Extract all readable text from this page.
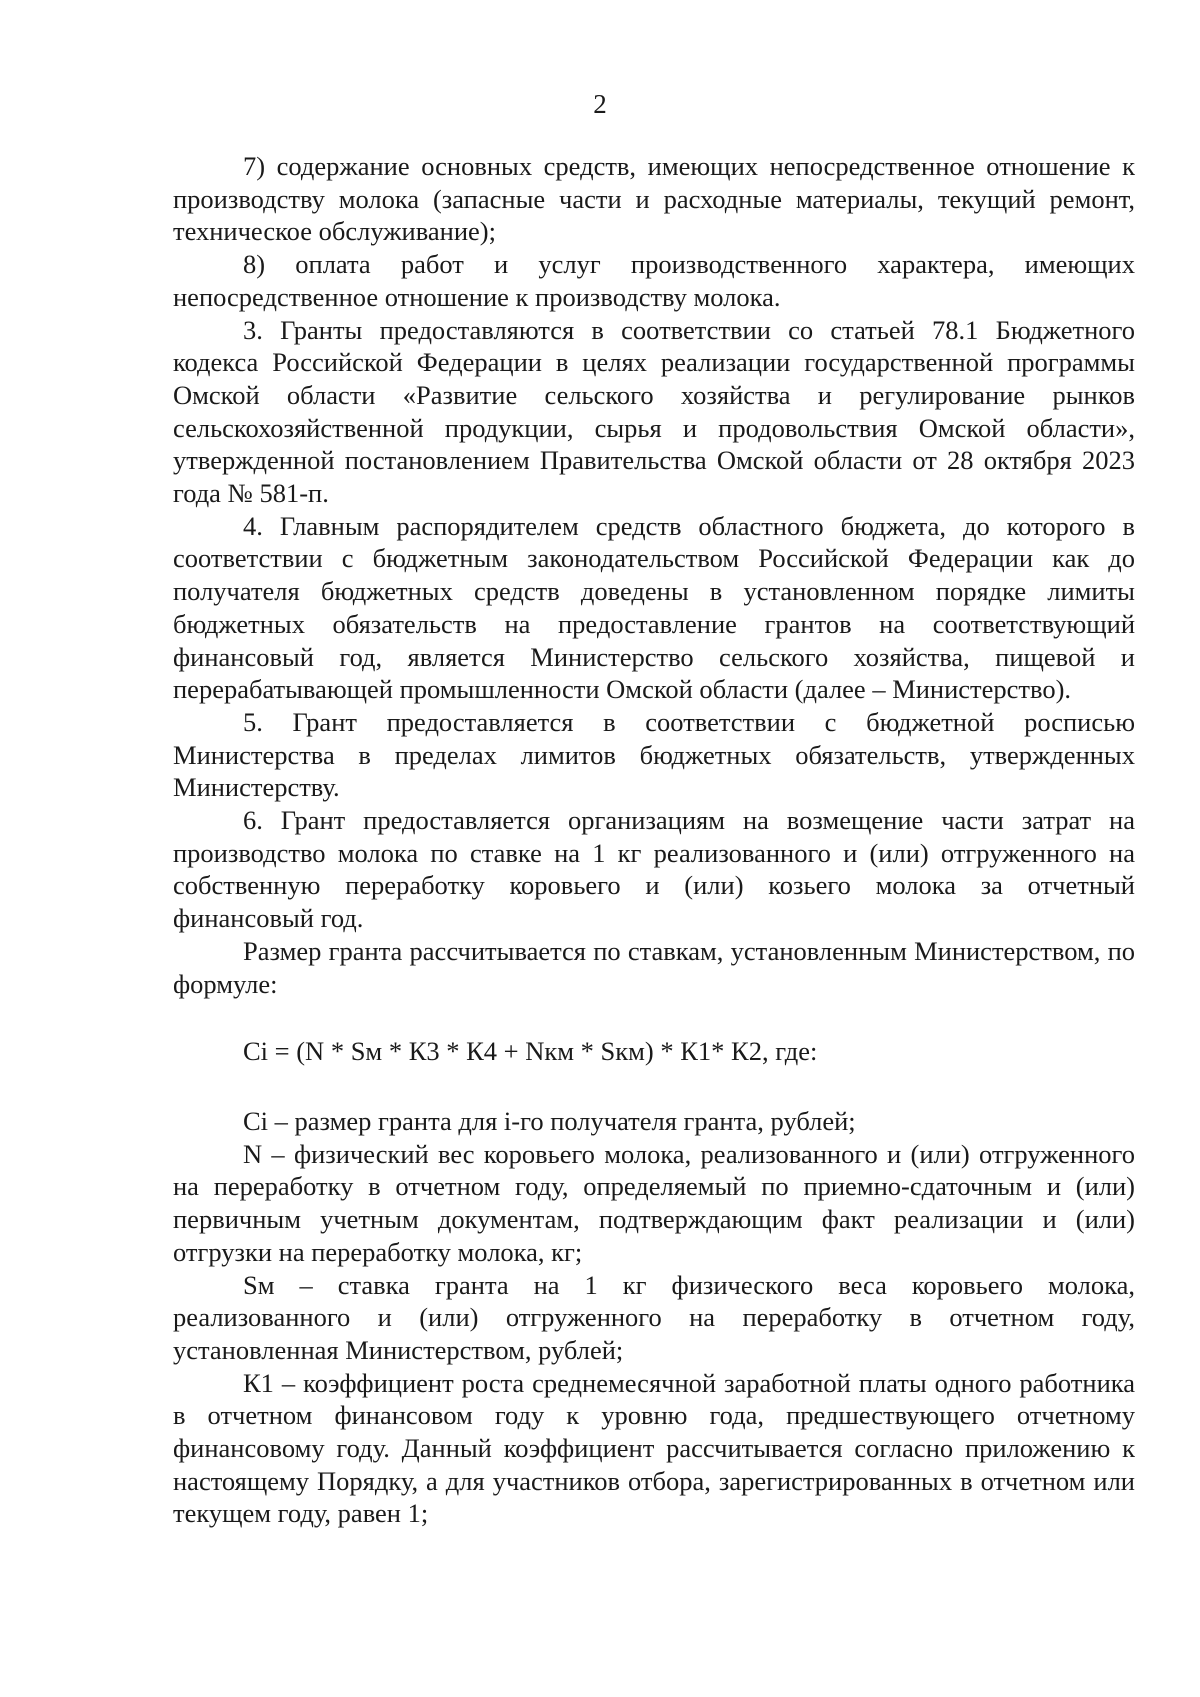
2

7) содержание основных средств, имеющих непосредственное отношение к производству молока (запасные части и расходные материалы, текущий ремонт, техническое обслуживание);

8) оплата работ и услуг производственного характера, имеющих непосредственное отношение к производству молока.

3. Гранты предоставляются в соответствии со статьей 78.1 Бюджетного кодекса Российской Федерации в целях реализации государственной программы Омской области «Развитие сельского хозяйства и регулирование рынков сельскохозяйственной продукции, сырья и продовольствия Омской области», утвержденной постановлением Правительства Омской области от 28 октября 2023 года № 581-п.

4. Главным распорядителем средств областного бюджета, до которого в соответствии с бюджетным законодательством Российской Федерации как до получателя бюджетных средств доведены в установленном порядке лимиты бюджетных обязательств на предоставление грантов на соответствующий финансовый год, является Министерство сельского хозяйства, пищевой и перерабатывающей промышленности Омской области (далее – Министерство).

5. Грант предоставляется в соответствии с бюджетной росписью Министерства в пределах лимитов бюджетных обязательств, утвержденных Министерству.

6. Грант предоставляется организациям на возмещение части затрат на производство молока по ставке на 1 кг реализованного и (или) отгруженного на собственную переработку коровьего и (или) козьего молока за отчетный финансовый год.

Размер гранта рассчитывается по ставкам, установленным Министерством, по формуле:

Ci = (N * Sм * К3 * К4 + Nкм * Sкм) * К1* К2, где:

Ci – размер гранта для i-го получателя гранта, рублей;

N – физический вес коровьего молока, реализованного и (или) отгруженного на переработку в отчетном году, определяемый по приемно-сдаточным и (или) первичным учетным документам, подтверждающим факт реализации и (или) отгрузки на переработку молока, кг;

Sм – ставка гранта на 1 кг физического веса коровьего молока, реализованного и (или) отгруженного на переработку в отчетном году, установленная Министерством, рублей;

К1 – коэффициент роста среднемесячной заработной платы одного работника в отчетном финансовом году к уровню года, предшествующего отчетному финансовому году. Данный коэффициент рассчитывается согласно приложению к настоящему Порядку, а для участников отбора, зарегистрированных в отчетном или текущем году, равен 1;
